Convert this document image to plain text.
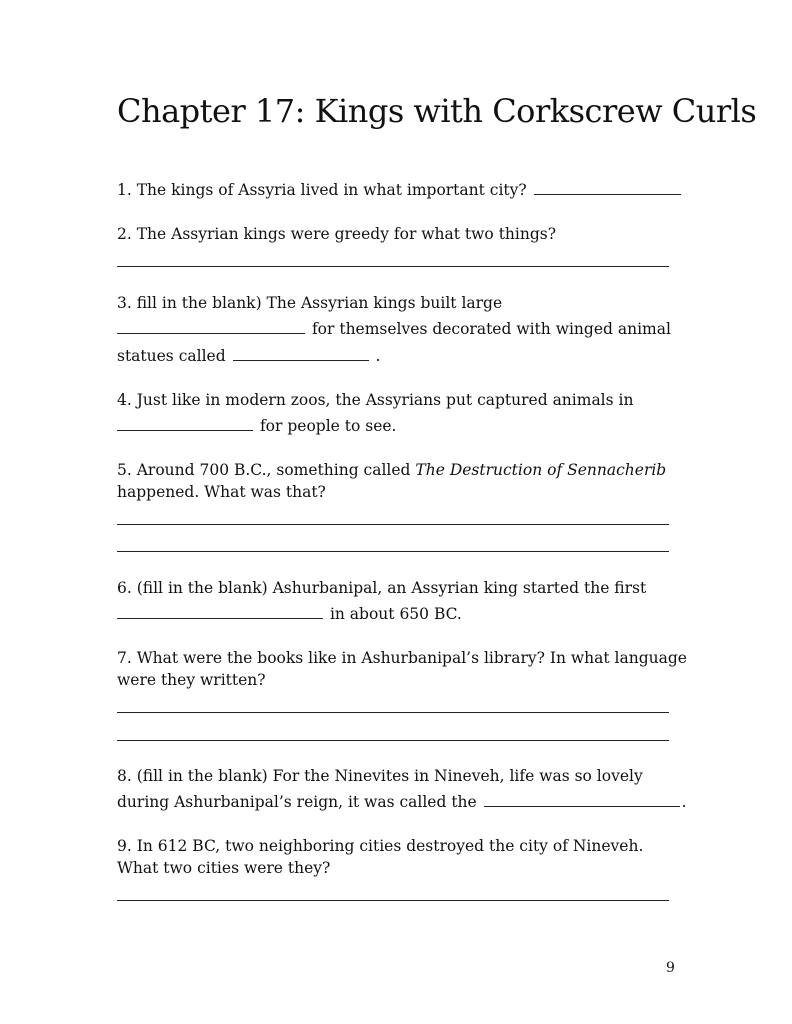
Chapter 17: Kings with Corkscrew Curls
1. The kings of Assyria lived in what important city?
2. The Assyrian kings were greedy for what two things?
3. fill in the blank) The Assyrian kings built large
for themselves decorated with winged animal
statues called	.
4. Just like in modern zoos, the Assyrians put captured animals in
for people to see.
5. Around 700 B.C., something called The Destruction of Sennacherib
happened. What was that?
6. (fill in the blank) Ashurbanipal, an Assyrian king started the first
in about 650 BC.
7. What were the books like in Ashurbanipal’s library? In what language
were they written?
8. (fill in the blank) For the Ninevites in Nineveh, life was so lovely
during Ashurbanipal’s reign, it was called the	.
9. In 612 BC, two neighboring cities destroyed the city of Nineveh.
What two cities were they?
9
